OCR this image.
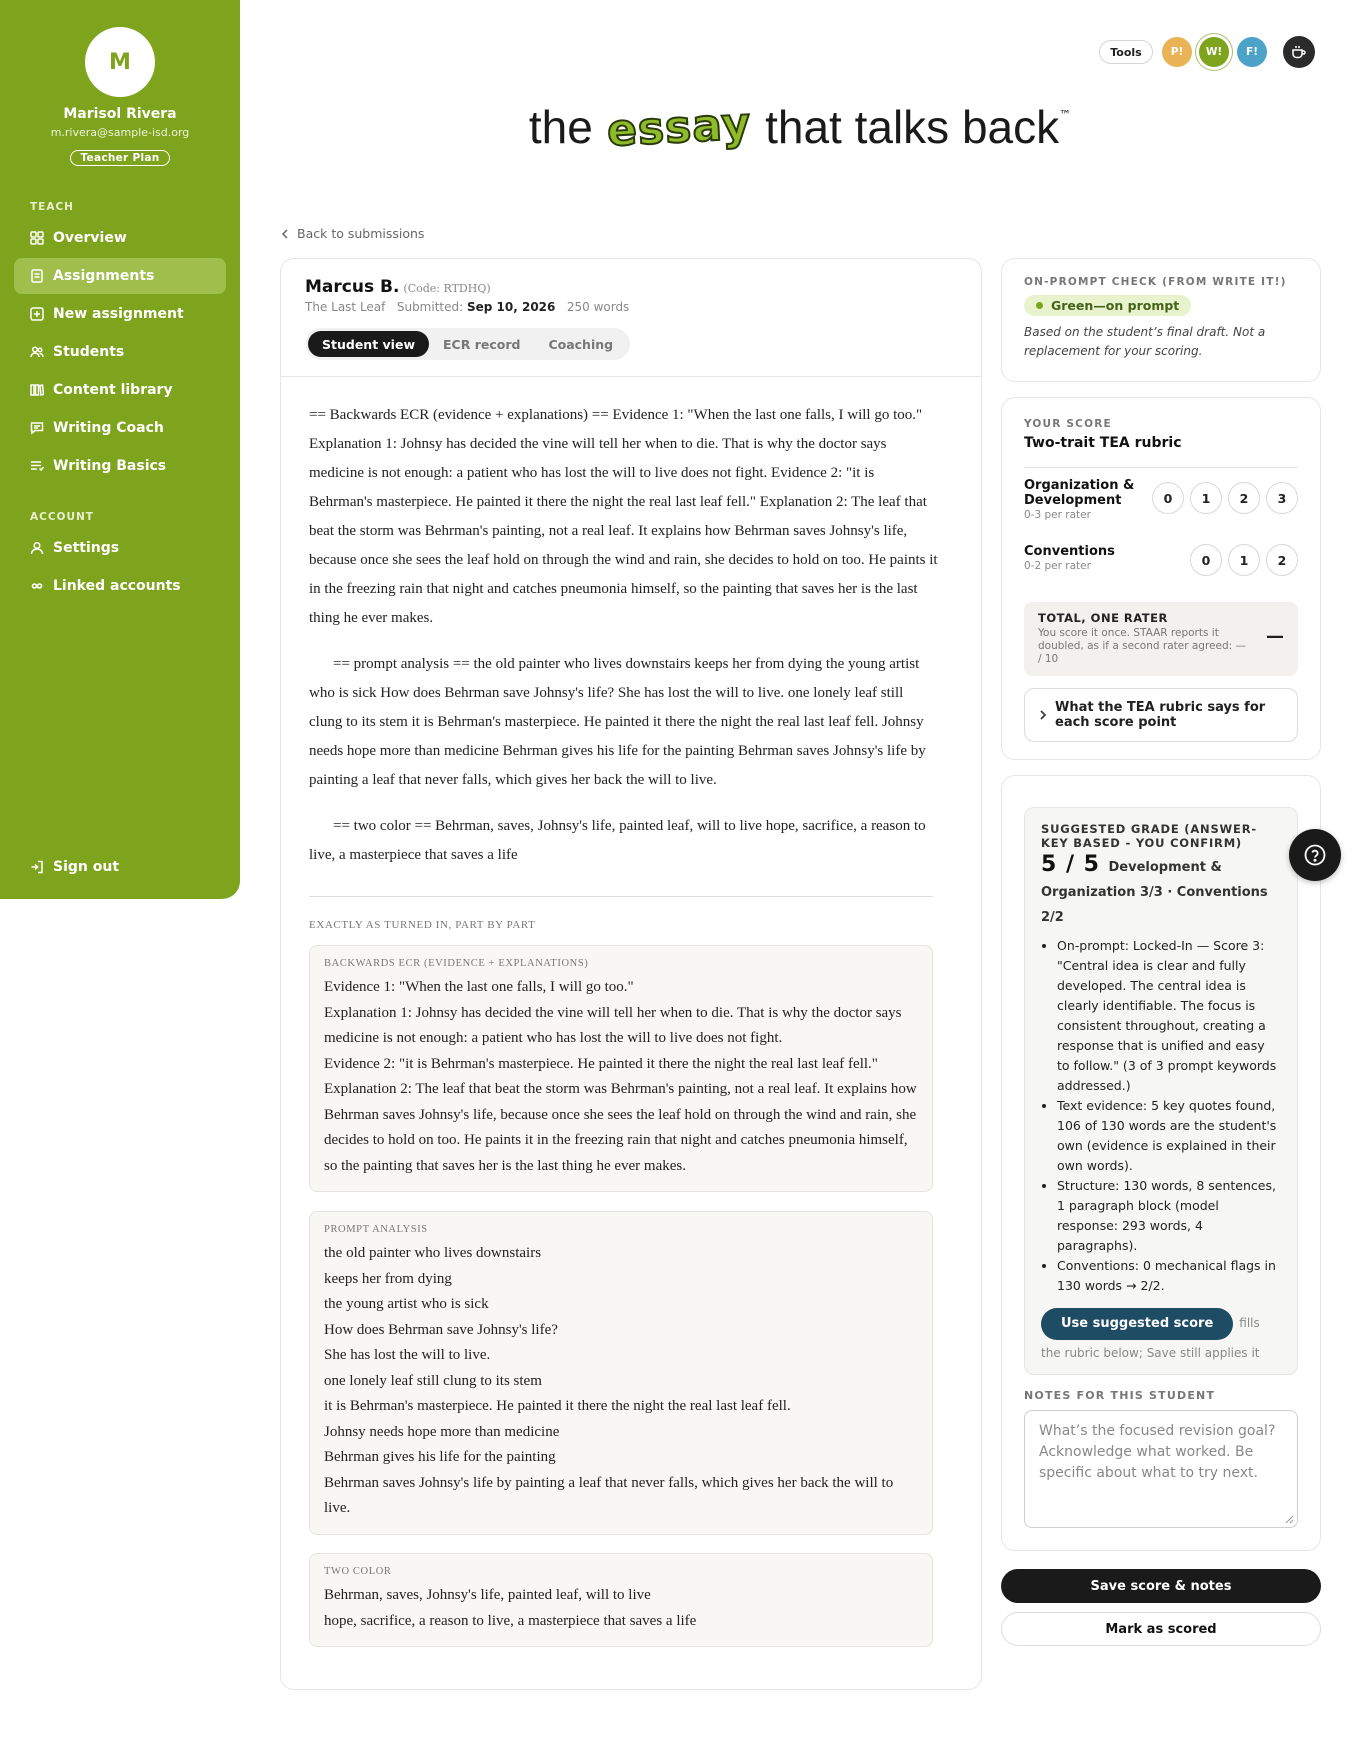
M
Marisol Rivera
m.rivera@sample-isd.org
Teacher Plan
TEACH
Overview
Assignments
New assignment
Students
Content library
Writing Coach
Writing Basics
ACCOUNT
Settings
Linked accounts
Sign out
Tools	P!	W!	F!
the essay that talks back™
Back to submissions
Marcus B. (Code: RTDHQ)
The Last Leaf Submitted: Sep 10, 2026 250 words
Student view	ECR record	Coaching

== Backwards ECR (evidence + explanations) == Evidence 1: "When the last one falls, I will go too." Explanation 1: Johnsy has decided the vine will tell her when to die. That is why the doctor says medicine is not enough: a patient who has lost the will to live does not fight. Evidence 2: "it is Behrman's masterpiece. He painted it there the night the real last leaf fell." Explanation 2: The leaf that beat the storm was Behrman's painting, not a real leaf. It explains how Behrman saves Johnsy's life, because once she sees the leaf hold on through the wind and rain, she decides to hold on too. He paints it in the freezing rain that night and catches pneumonia himself, so the painting that saves her is the last thing he ever makes.

== prompt analysis == the old painter who lives downstairs keeps her from dying the young artist who is sick How does Behrman save Johnsy's life? She has lost the will to live. one lonely leaf still clung to its stem it is Behrman's masterpiece. He painted it there the night the real last leaf fell. Johnsy needs hope more than medicine Behrman gives his life for the painting Behrman saves Johnsy's life by painting a leaf that never falls, which gives her back the will to live.

== two color == Behrman, saves, Johnsy's life, painted leaf, will to live hope, sacrifice, a reason to live, a masterpiece that saves a life

EXACTLY AS TURNED IN, PART BY PART
BACKWARDS ECR (EVIDENCE + EXPLANATIONS)
Evidence 1: "When the last one falls, I will go too."
Explanation 1: Johnsy has decided the vine will tell her when to die. That is why the doctor says medicine is not enough: a patient who has lost the will to live does not fight.
Evidence 2: "it is Behrman's masterpiece. He painted it there the night the real last leaf fell."
Explanation 2: The leaf that beat the storm was Behrman's painting, not a real leaf. It explains how Behrman saves Johnsy's life, because once she sees the leaf hold on through the wind and rain, she decides to hold on too. He paints it in the freezing rain that night and catches pneumonia himself, so the painting that saves her is the last thing he ever makes.
PROMPT ANALYSIS
the old painter who lives downstairs
keeps her from dying
the young artist who is sick
How does Behrman save Johnsy's life?
She has lost the will to live.
one lonely leaf still clung to its stem
it is Behrman's masterpiece. He painted it there the night the real last leaf fell.
Johnsy needs hope more than medicine
Behrman gives his life for the painting
Behrman saves Johnsy's life by painting a leaf that never falls, which gives her back the will to live.
TWO COLOR
Behrman, saves, Johnsy's life, painted leaf, will to live
hope, sacrifice, a reason to live, a masterpiece that saves a life
ON-PROMPT CHECK (FROM WRITE IT!)
Green—on prompt
Based on the student’s final draft. Not a replacement for your scoring.
YOUR SCORE
Two-trait TEA rubric
Organization & Development
0-3 per rater
0	1	2	3
Conventions
0-2 per rater	0	1	2
TOTAL, ONE RATER
You score it once. STAAR reports it doubled, as if a second rater agreed: — / 10
—
What the TEA rubric says for each score point
SUGGESTED GRADE (ANSWER-KEY BASED - YOU CONFIRM)
5 / 5 Development & Organization 3/3 · Conventions 2/2
• On-prompt: Locked-In — Score 3: "Central idea is clear and fully developed. The central idea is clearly identifiable. The focus is consistent throughout, creating a response that is unified and easy to follow." (3 of 3 prompt keywords addressed.)
• Text evidence: 5 key quotes found, 106 of 130 words are the student's own (evidence is explained in their own words).
• Structure: 130 words, 8 sentences, 1 paragraph block (model response: 293 words, 4 paragraphs).
• Conventions: 0 mechanical flags in 130 words → 2/2.
Use suggested score fills the rubric below; Save still applies it
NOTES FOR THIS STUDENT
What’s the focused revision goal? Acknowledge what worked. Be specific about what to try next.
Save score & notes
Mark as scored
